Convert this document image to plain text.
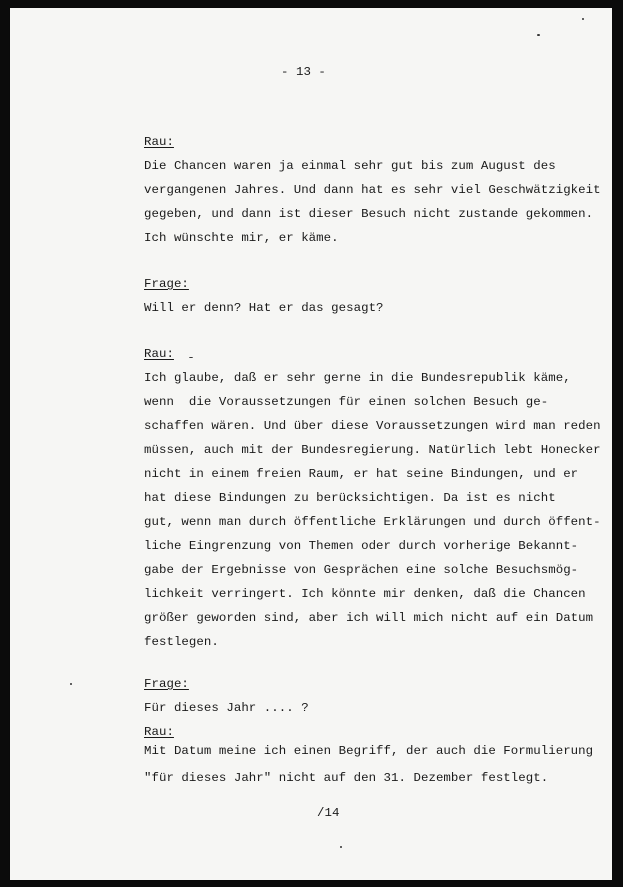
- 13 -
Rau:
Die Chancen waren ja einmal sehr gut bis zum August des
vergangenen Jahres. Und dann hat es sehr viel Geschwätzigkeit
gegeben, und dann ist dieser Besuch nicht zustande gekommen.
Ich wünschte mir, er käme.
Frage:
Will er denn? Hat er das gesagt?
Rau:
Ich glaube, daß er sehr gerne in die Bundesrepublik käme,
wenn  die Voraussetzungen für einen solchen Besuch ge-
schaffen wären. Und über diese Voraussetzungen wird man reden
müssen, auch mit der Bundesregierung. Natürlich lebt Honecker
nicht in einem freien Raum, er hat seine Bindungen, und er
hat diese Bindungen zu berücksichtigen. Da ist es nicht
gut, wenn man durch öffentliche Erklärungen und durch öffent-
liche Eingrenzung von Themen oder durch vorherige Bekannt-
gabe der Ergebnisse von Gesprächen eine solche Besuchsmög-
lichkeit verringert. Ich könnte mir denken, daß die Chancen
größer geworden sind, aber ich will mich nicht auf ein Datum
festlegen.
Frage:
Für dieses Jahr .... ?
Rau:
Mit Datum meine ich einen Begriff, der auch die Formulierung
"für dieses Jahr" nicht auf den 31. Dezember festlegt.
/14
